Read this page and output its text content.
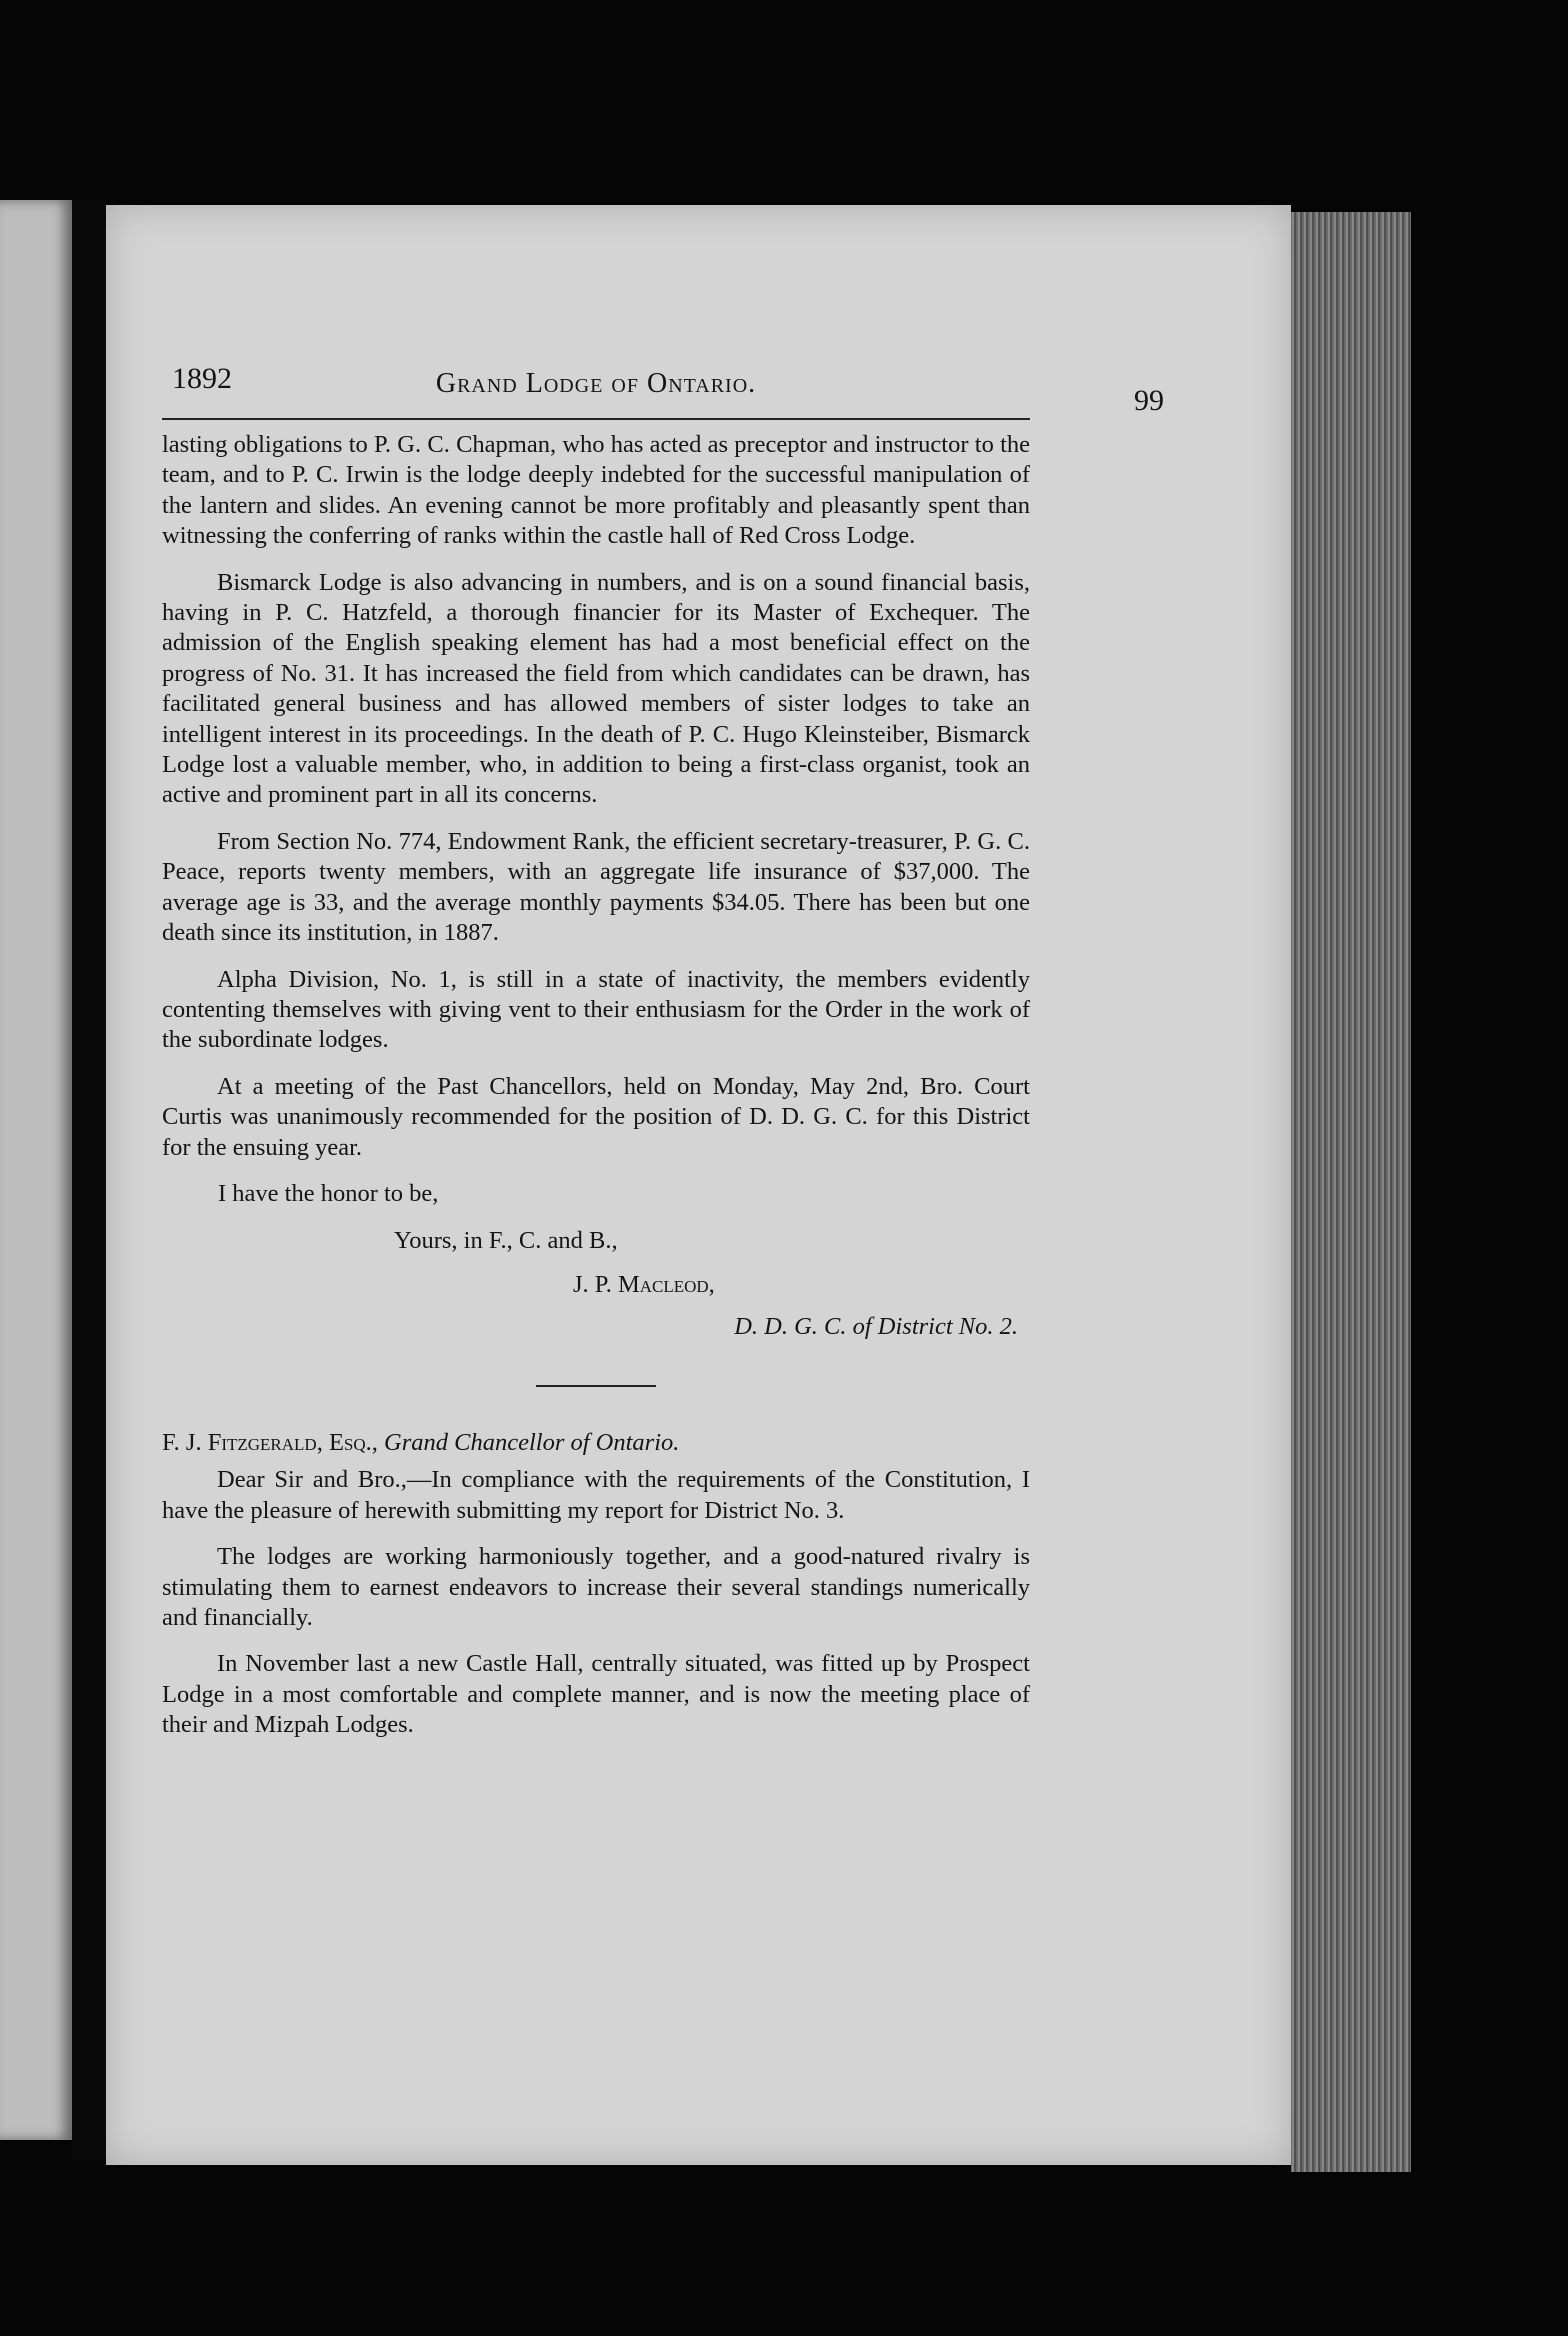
1892	Grand Lodge of Ontario.
99

lasting obligations to P. G. C. Chapman, who has acted as preceptor and instructor to the team, and to P. C. Irwin is the lodge deeply indebted for the successful manipulation of the lantern and slides. An evening cannot be more profitably and pleasantly spent than witnessing the conferring of ranks within the castle hall of Red Cross Lodge.

Bismarck Lodge is also advancing in numbers, and is on a sound financial basis, having in P. C. Hatzfeld, a thorough financier for its Master of Exchequer. The admission of the English speaking element has had a most beneficial effect on the progress of No. 31. It has increased the field from which candidates can be drawn, has facilitated general business and has allowed members of sister lodges to take an intelligent interest in its proceedings. In the death of P. C. Hugo Kleinsteiber, Bismarck Lodge lost a valuable member, who, in addition to being a first-class organist, took an active and prominent part in all its concerns.

From Section No. 774, Endowment Rank, the efficient secretary-treasurer, P. G. C. Peace, reports twenty members, with an aggregate life insurance of $37,000. The average age is 33, and the average monthly payments $34.05. There has been but one death since its institution, in 1887.

Alpha Division, No. 1, is still in a state of inactivity, the members evidently contenting themselves with giving vent to their enthusiasm for the Order in the work of the subordinate lodges.

At a meeting of the Past Chancellors, held on Monday, May 2nd, Bro. Court Curtis was unanimously recommended for the position of D. D. G. C. for this District for the ensuing year.

I have the honor to be,

Yours, in F., C. and B.,

J. P. Macleod,

D. D. G. C. of District No. 2.

F. J. Fitzgerald, Esq., Grand Chancellor of Ontario.

Dear Sir and Bro.,—In compliance with the requirements of the Constitution, I have the pleasure of herewith submitting my report for District No. 3.

The lodges are working harmoniously together, and a good-natured rivalry is stimulating them to earnest endeavors to increase their several standings numerically and financially.

In November last a new Castle Hall, centrally situated, was fitted up by Prospect Lodge in a most comfortable and complete manner, and is now the meeting place of their and Mizpah Lodges.
